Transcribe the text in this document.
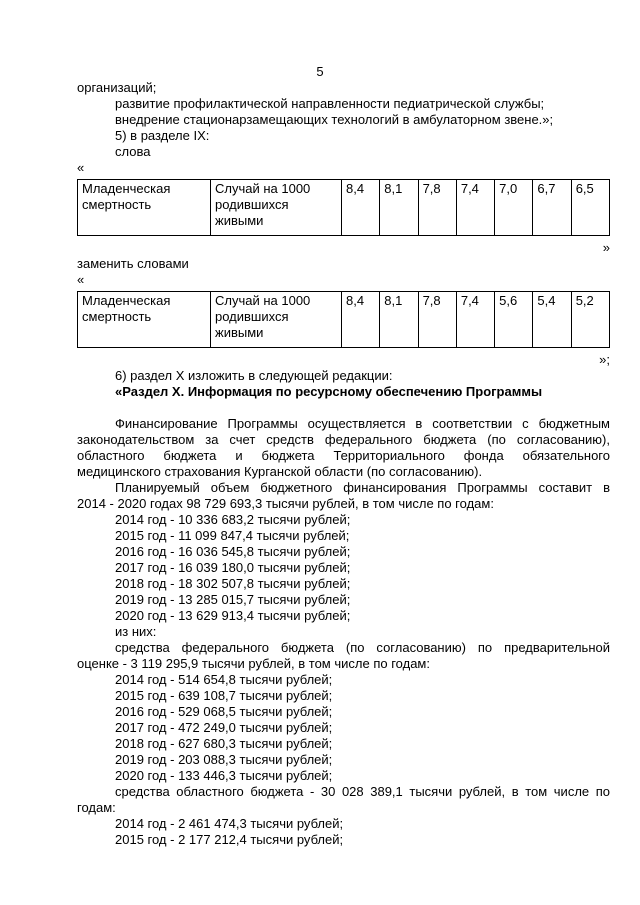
5
организаций;
развитие профилактической направленности педиатрической службы;
внедрение стационарзамещающих технологий в амбулаторном звене.»;
5) в разделе IX:
слова
«
Младенческая смертность	Случай на 1000 родившихся живыми	8,4	8,1	7,8	7,4	7,0	6,7	6,5
»
заменить словами
«
Младенческая смертность	Случай на 1000 родившихся живыми	8,4	8,1	7,8	7,4	5,6	5,4	5,2
»;
6) раздел X изложить в следующей редакции:
«Раздел X. Информация по ресурсному обеспечению Программы
Финансирование Программы осуществляется в соответствии с бюджетным
законодательством за счет средств федерального бюджета (по согласованию),
областного бюджета и бюджета Территориального фонда обязательного
медицинского страхования Курганской области (по согласованию).
Планируемый объем бюджетного финансирования Программы составит в
2014 - 2020 годах 98 729 693,3 тысячи рублей, в том числе по годам:
2014 год - 10 336 683,2 тысячи рублей;
2015 год - 11 099 847,4 тысячи рублей;
2016 год - 16 036 545,8 тысячи рублей;
2017 год - 16 039 180,0 тысячи рублей;
2018 год - 18 302 507,8 тысячи рублей;
2019 год - 13 285 015,7 тысячи рублей;
2020 год - 13 629 913,4 тысячи рублей;
из них:
средства федерального бюджета (по согласованию) по предварительной
оценке - 3 119 295,9 тысячи рублей, в том числе по годам:
2014 год - 514 654,8 тысячи рублей;
2015 год - 639 108,7 тысячи рублей;
2016 год - 529 068,5 тысячи рублей;
2017 год - 472 249,0 тысячи рублей;
2018 год - 627 680,3 тысячи рублей;
2019 год - 203 088,3 тысячи рублей;
2020 год - 133 446,3 тысячи рублей;
средства областного бюджета - 30 028 389,1 тысячи рублей, в том числе по
годам:
2014 год - 2 461 474,3 тысячи рублей;
2015 год - 2 177 212,4 тысячи рублей;
